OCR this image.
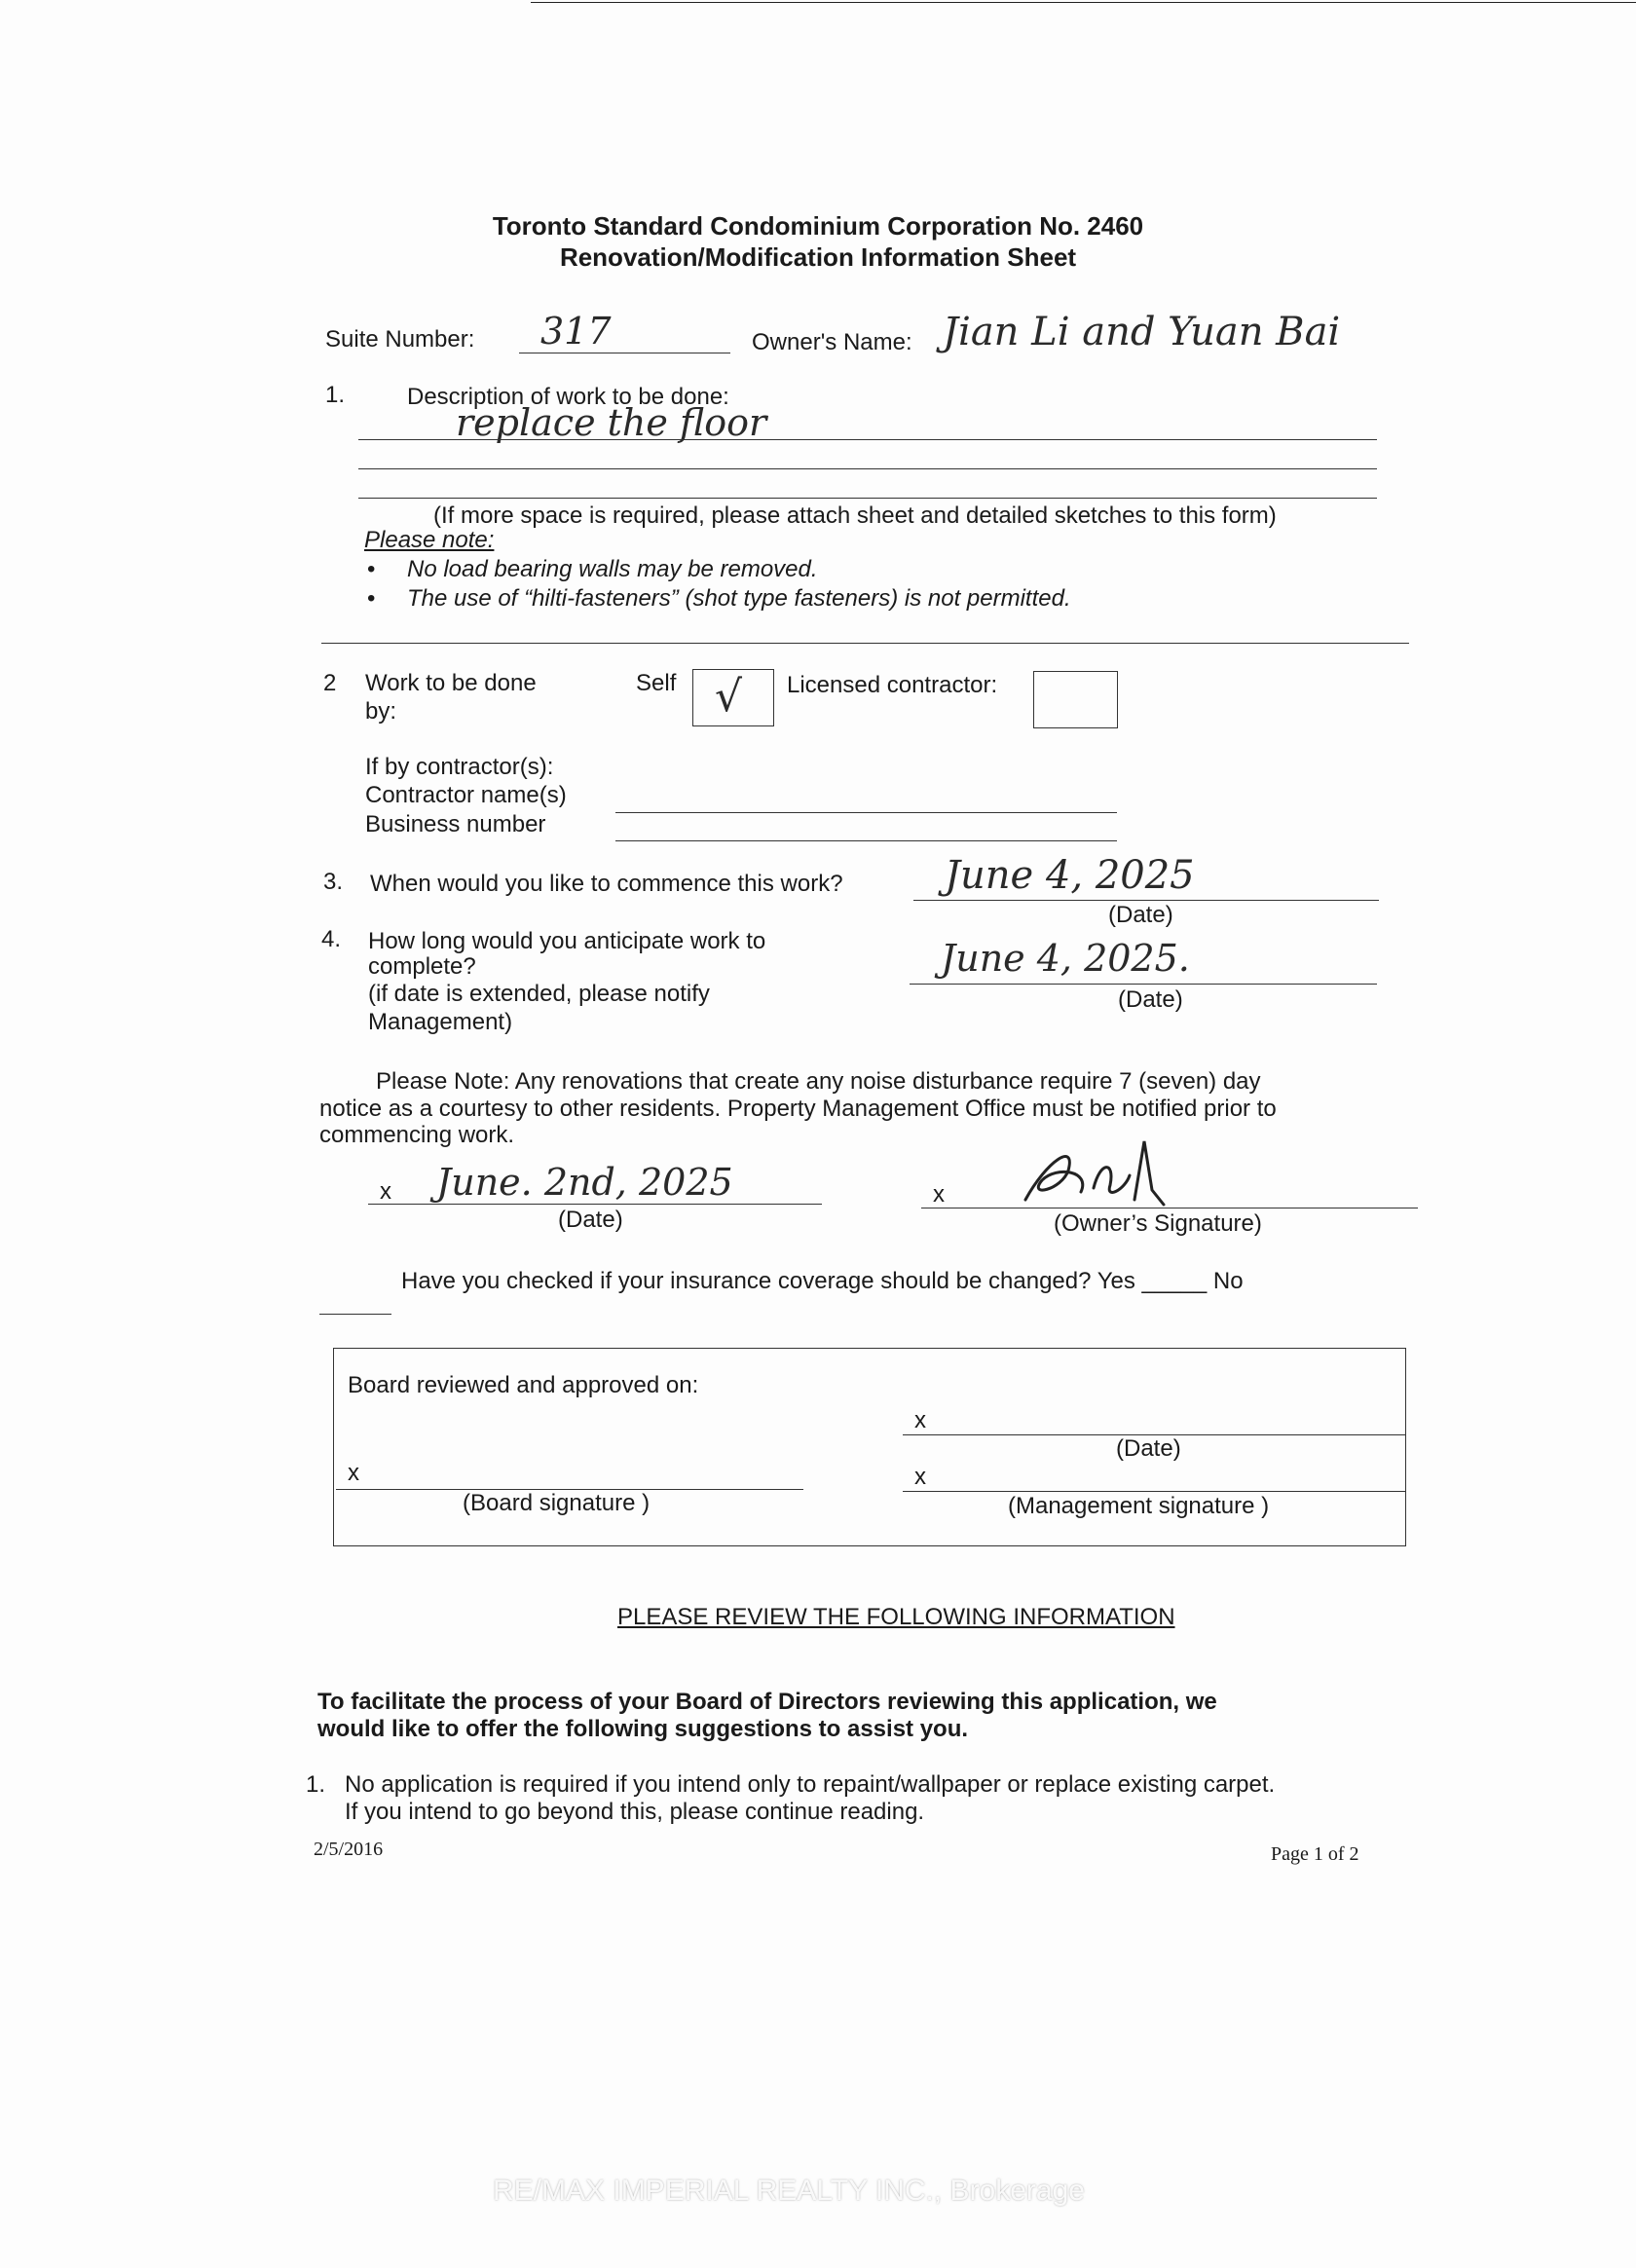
Toronto Standard Condominium Corporation No. 2460
Renovation/Modification Information Sheet
Suite Number: 317	Owner's Name: Jian Li and Yuan Bai
1.	Description of work to be done:
replace the floor
(If more space is required, please attach sheet and detailed sketches to this form)
Please note:
• No load bearing walls may be removed.
• The use of “hilti-fasteners” (shot type fasteners) is not permitted.
2 Work to be done
by:
Self √ Licensed contractor:
If by contractor(s):
Contractor name(s)
Business number
3. When would you like to commence this work?	June 4, 2025
(Date)
4. How long would you anticipate work to
complete?
(if date is extended, please notify
Management)
June 4, 2025.
(Date)
Please Note: Any renovations that create any noise disturbance require 7 (seven) day
notice as a courtesy to other residents. Property Management Office must be notified prior to
commencing work.
x June. 2nd, 2025
(Date)
x
(Owner’s Signature)
Have you checked if your insurance coverage should be changed? Yes _____ No
Board reviewed and approved on:
x
(Date)
x
(Board signature )
x
(Management signature )
PLEASE REVIEW THE FOLLOWING INFORMATION
To facilitate the process of your Board of Directors reviewing this application, we
would like to offer the following suggestions to assist you.
1. No application is required if you intend only to repaint/wallpaper or replace existing carpet.
If you intend to go beyond this, please continue reading.
2/5/2016	Page 1 of 2
RE/MAX IMPERIAL REALTY INC., Brokerage
